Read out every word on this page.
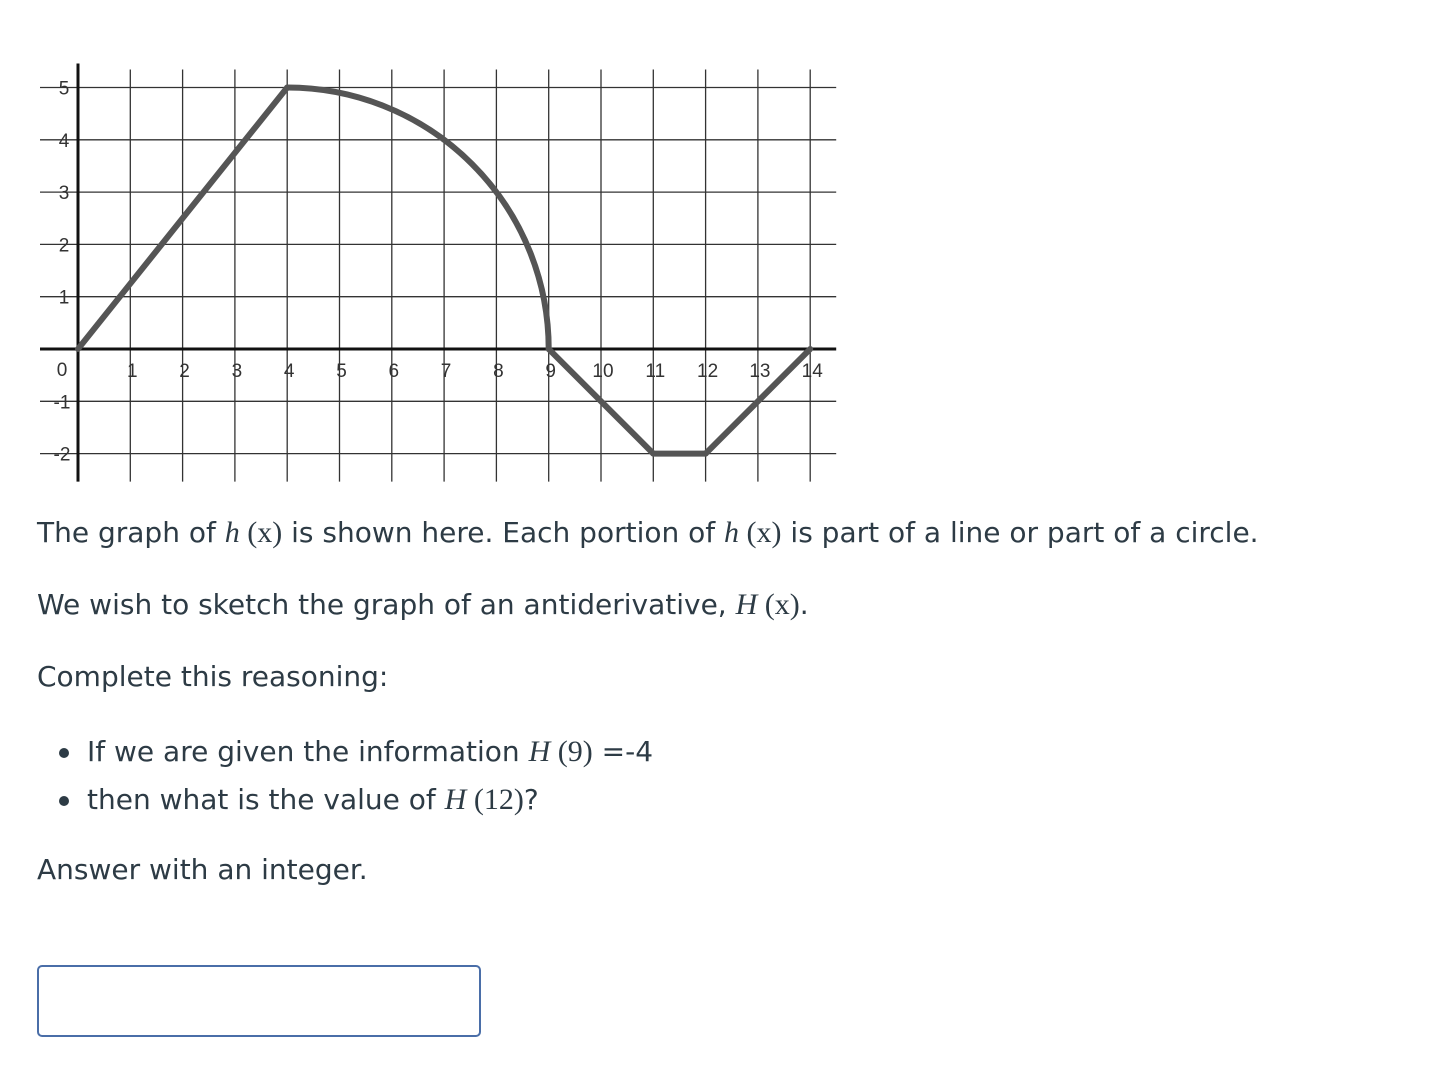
1 2 3 4 5 6 7 8 9 10 11 12 13 14
1
2
3
4
5
-1
-2
0

The graph of h (x) is shown here. Each portion of h (x) is part of a line or part of a circle.

We wish to sketch the graph of an antiderivative, H (x).

Complete this reasoning:

If we are given the information H (9) =-4
then what is the value of H (12)?

Answer with an integer.
